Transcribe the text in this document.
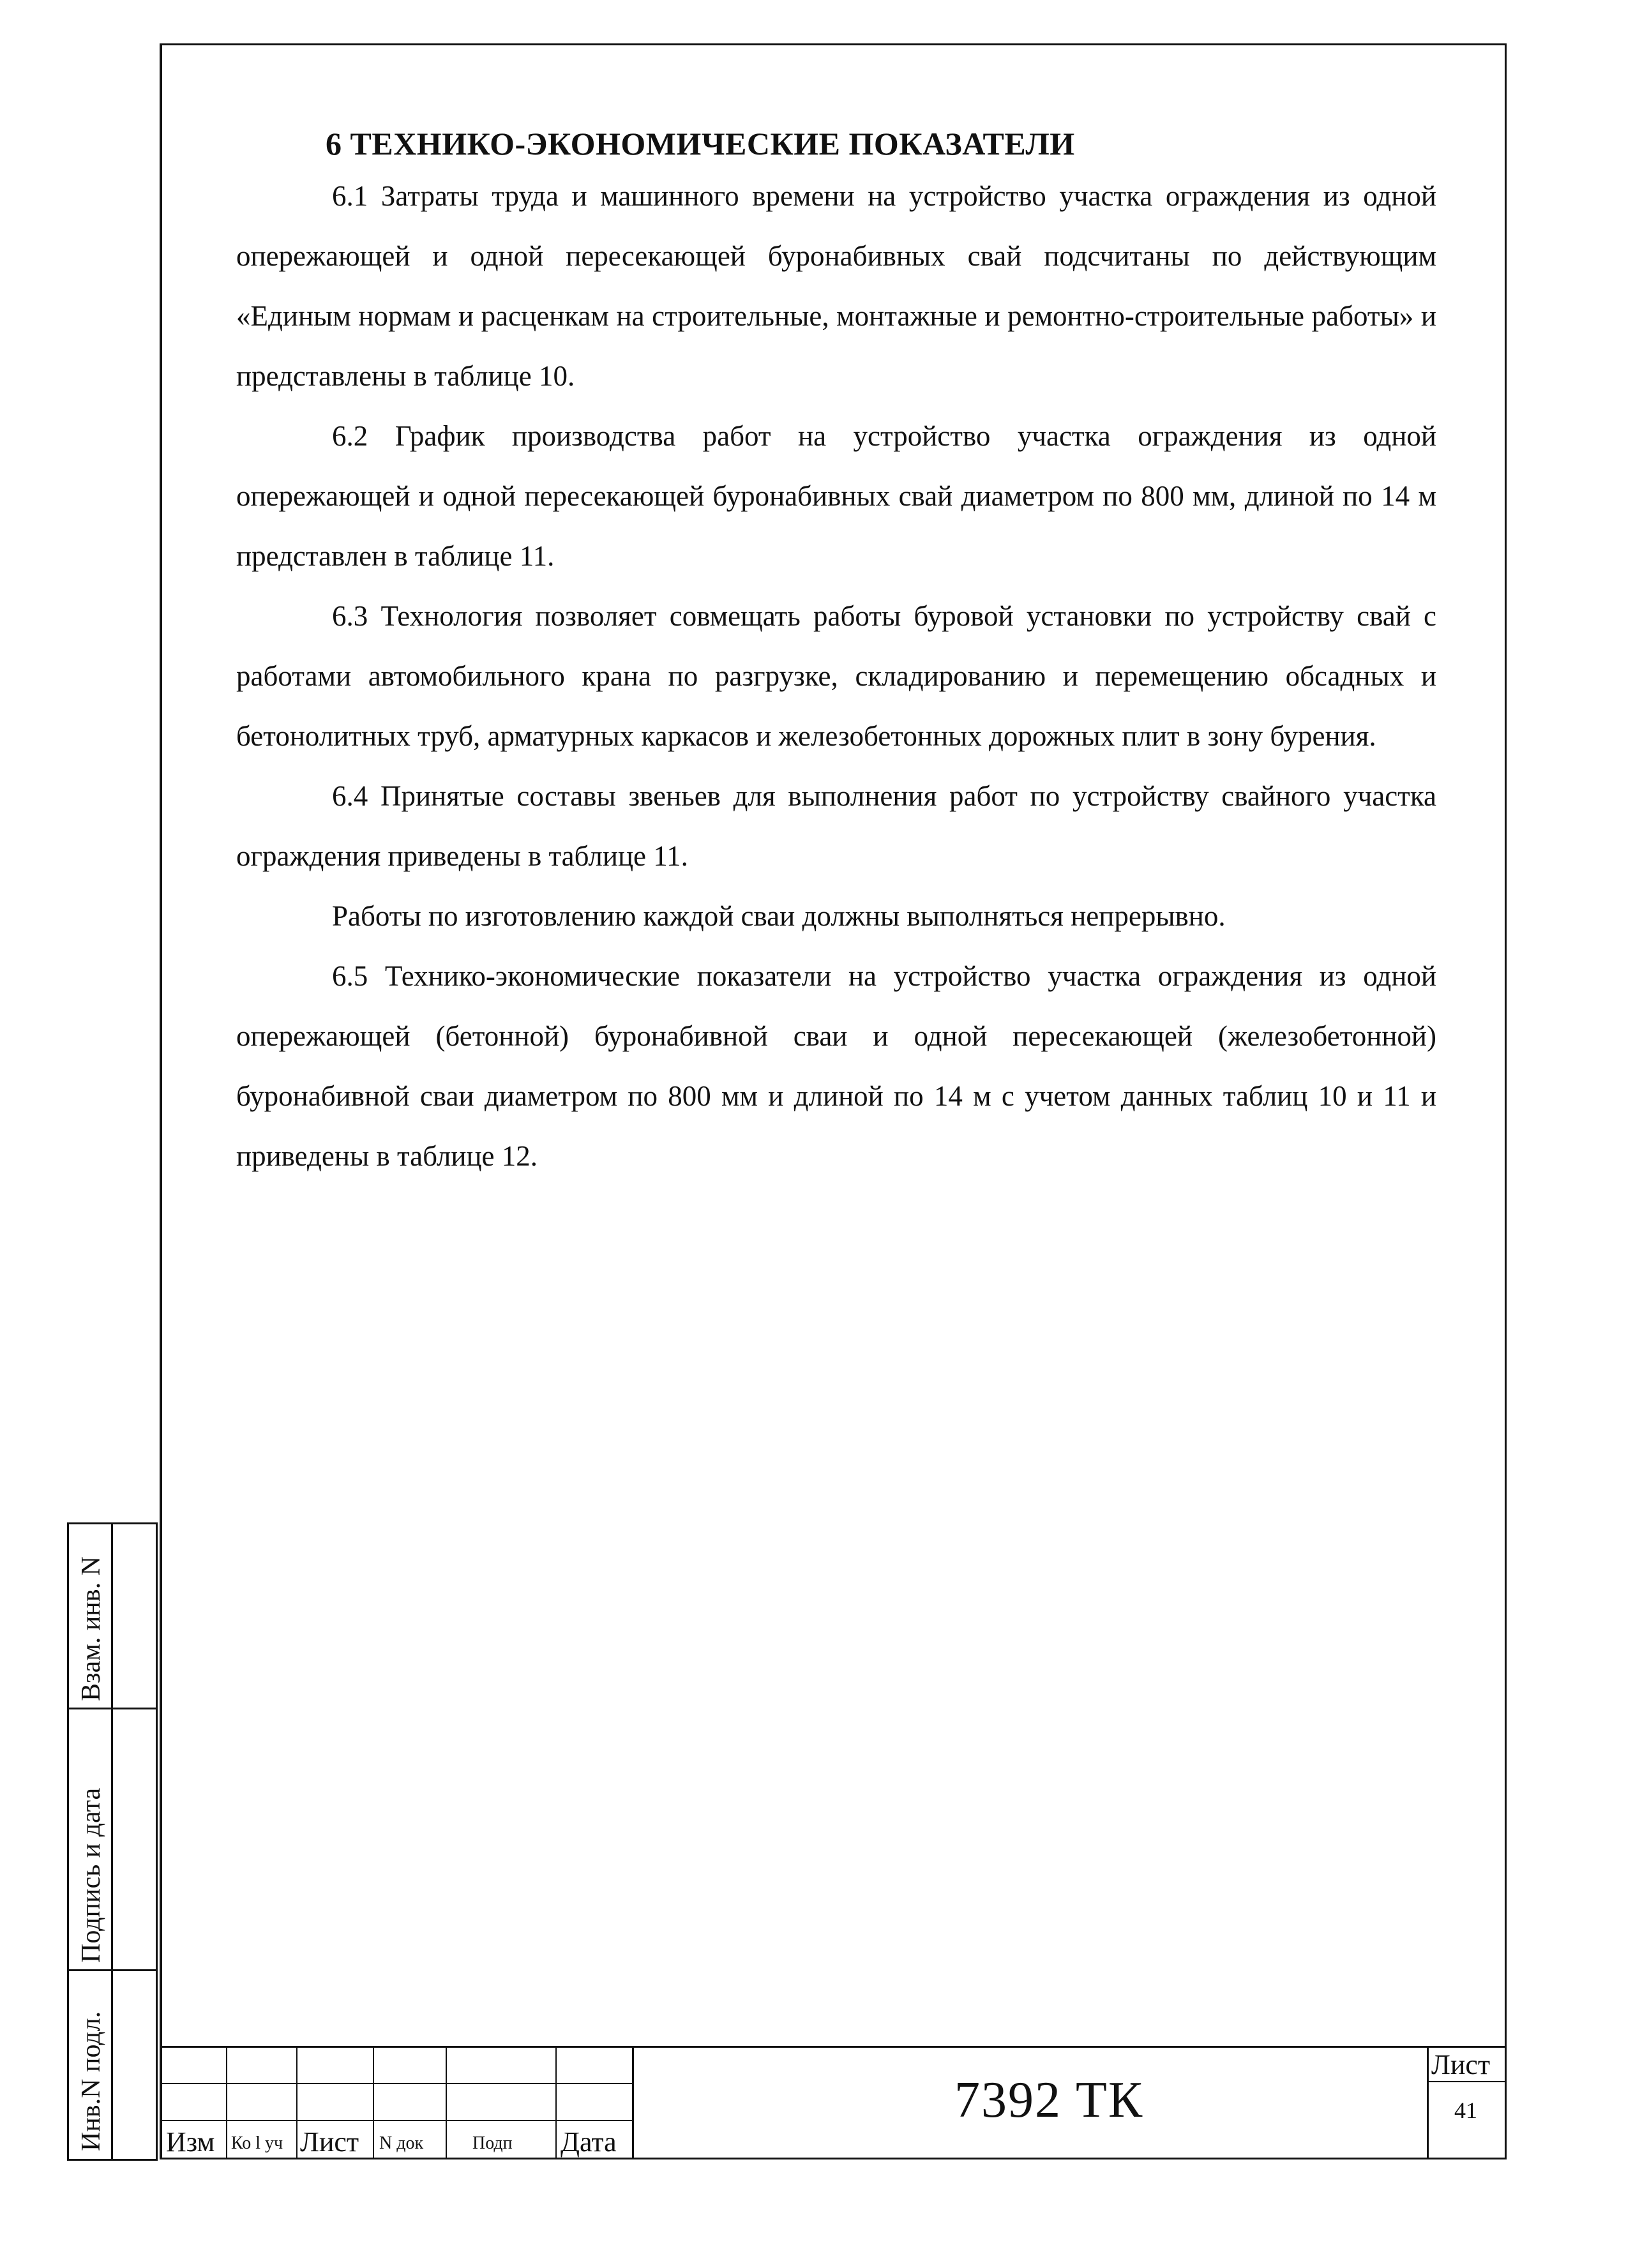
6 ТЕХНИКО-ЭКОНОМИЧЕСКИЕ ПОКАЗАТЕЛИ

6.1 Затраты труда и машинного времени на устройство участка ограждения из одной опережающей и одной пересекающей буронабивных свай подсчитаны по действующим «Единым нормам и расценкам на строительные, монтажные и ремонтно-строительные работы» и представлены в таблице 10.

6.2 График производства работ на устройство участка ограждения из одной опережающей и одной пересекающей буронабивных свай диаметром по 800 мм, длиной по 14 м представлен в таблице 11.

6.3 Технология позволяет совмещать работы буровой установки по устройству свай с работами автомобильного крана по разгрузке, складированию и перемещению обсадных и бетонолитных труб, арматурных каркасов и железобетонных дорожных плит в зону бурения.

6.4 Принятые составы звеньев для выполнения работ по устройству свайного участка ограждения приведены в таблице 11.

Работы по изготовлению каждой сваи должны выполняться непрерывно.

6.5 Технико-экономические показатели на устройство участка ограждения из одной опережающей (бетонной) буронабивной сваи и одной пересекающей (железобетонной) буронабивной сваи диаметром по 800 мм и длиной по 14 м с учетом данных таблиц 10 и 11 и приведены в таблице 12.

Взам. инв. N
Подпись и дата
Инв.N подл. Изм Ко l уч Лист N док	Подп Дата
Лист
41
7392 ТК
